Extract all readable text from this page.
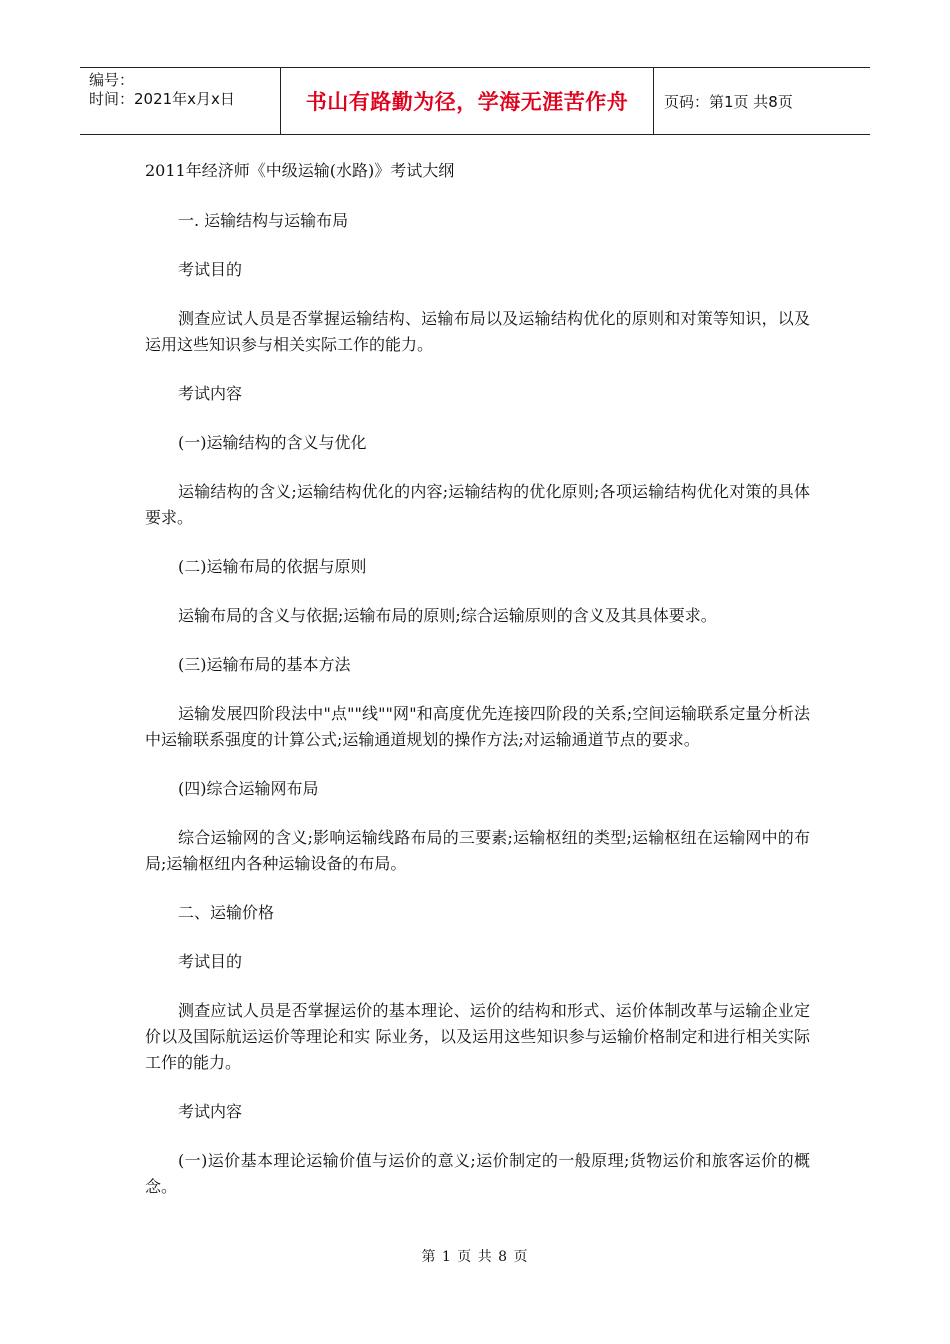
编号：
时间：2021年x月x日	书山有路勤为径，学海无涯苦作舟 页码：第1页 共8页

2011年经济师《中级运输(水路)》考试大纲

一. 运输结构与运输布局

考试目的

测查应试人员是否掌握运输结构、运输布局以及运输结构优化的原则和对策等知识，以及运用这些知识参与相关实际工作的能力。

考试内容

(一)运输结构的含义与优化

运输结构的含义;运输结构优化的内容;运输结构的优化原则;各项运输结构优化对策的具体要求。

(二)运输布局的依据与原则

运输布局的含义与依据;运输布局的原则;综合运输原则的含义及其具体要求。

(三)运输布局的基本方法

运输发展四阶段法中"点""线""网"和高度优先连接四阶段的关系;空间运输联系定量分析法中运输联系强度的计算公式;运输通道规划的操作方法;对运输通道节点的要求。

(四)综合运输网布局

综合运输网的含义;影响运输线路布局的三要素;运输枢纽的类型;运输枢纽在运输网中的布局;运输枢纽内各种运输设备的布局。

二、运输价格

考试目的

测查应试人员是否掌握运价的基本理论、运价的结构和形式、运价体制改革与运输企业定价以及国际航运运价等理论和实 际业务，以及运用这些知识参与运输价格制定和进行相关实际工作的能力。

考试内容

(一)运价基本理论运输价值与运价的意义;运价制定的一般原理;货物运价和旅客运价的概念。

第 1 页 共 8 页
